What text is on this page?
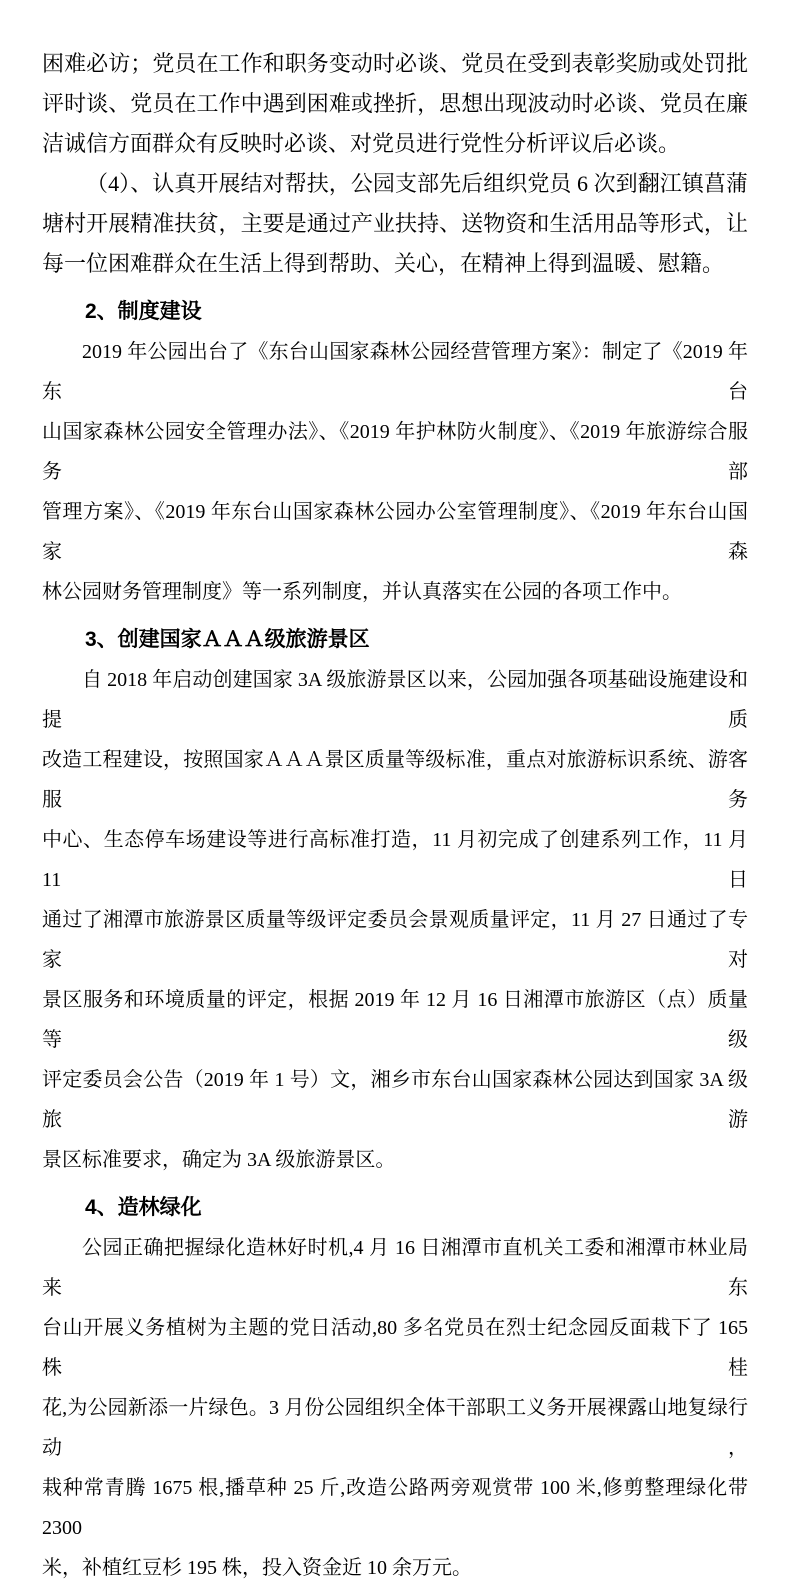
困难必访；党员在工作和职务变动时必谈、党员在受到表彰奖励或处罚批
评时谈、党员在工作中遇到困难或挫折，思想出现波动时必谈、党员在廉
洁诚信方面群众有反映时必谈、对党员进行党性分析评议后必谈。
（4）、认真开展结对帮扶，公园支部先后组织党员 6 次到翻江镇菖蒲
塘村开展精准扶贫，主要是通过产业扶持、送物资和生活用品等形式，让
每一位困难群众在生活上得到帮助、关心，在精神上得到温暖、慰籍。
2、制度建设
2019 年公园出台了《东台山国家森林公园经营管理方案》：制定了《2019 年东台
山国家森林公园安全管理办法》、《2019 年护林防火制度》、《2019 年旅游综合服务部
管理方案》、《2019 年东台山国家森林公园办公室管理制度》、《2019 年东台山国家森
林公园财务管理制度》等一系列制度，并认真落实在公园的各项工作中。
3、创建国家ＡＡＡ级旅游景区
自 2018 年启动创建国家 3A 级旅游景区以来，公园加强各项基础设施建设和提质
改造工程建设，按照国家ＡＡＡ景区质量等级标准，重点对旅游标识系统、游客服务
中心、生态停车场建设等进行高标准打造，11 月初完成了创建系列工作，11 月 11 日
通过了湘潭市旅游景区质量等级评定委员会景观质量评定，11 月 27 日通过了专家对
景区服务和环境质量的评定，根据 2019 年 12 月 16 日湘潭市旅游区（点）质量等级
评定委员会公告（2019 年 1 号）文，湘乡市东台山国家森林公园达到国家 3A 级旅游
景区标准要求，确定为 3A 级旅游景区。
4、造林绿化
公园正确把握绿化造林好时机,4 月 16 日湘潭市直机关工委和湘潭市林业局来东
台山开展义务植树为主题的党日活动,80 多名党员在烈士纪念园反面栽下了 165 株桂
花,为公园新添一片绿色。3 月份公园组织全体干部职工义务开展裸露山地复绿行动，
栽种常青腾 1675 根,播草种 25 斤,改造公路两旁观赏带 100 米,修剪整理绿化带 2300
米，补植红豆杉 195 株，投入资金近 10 余万元。
